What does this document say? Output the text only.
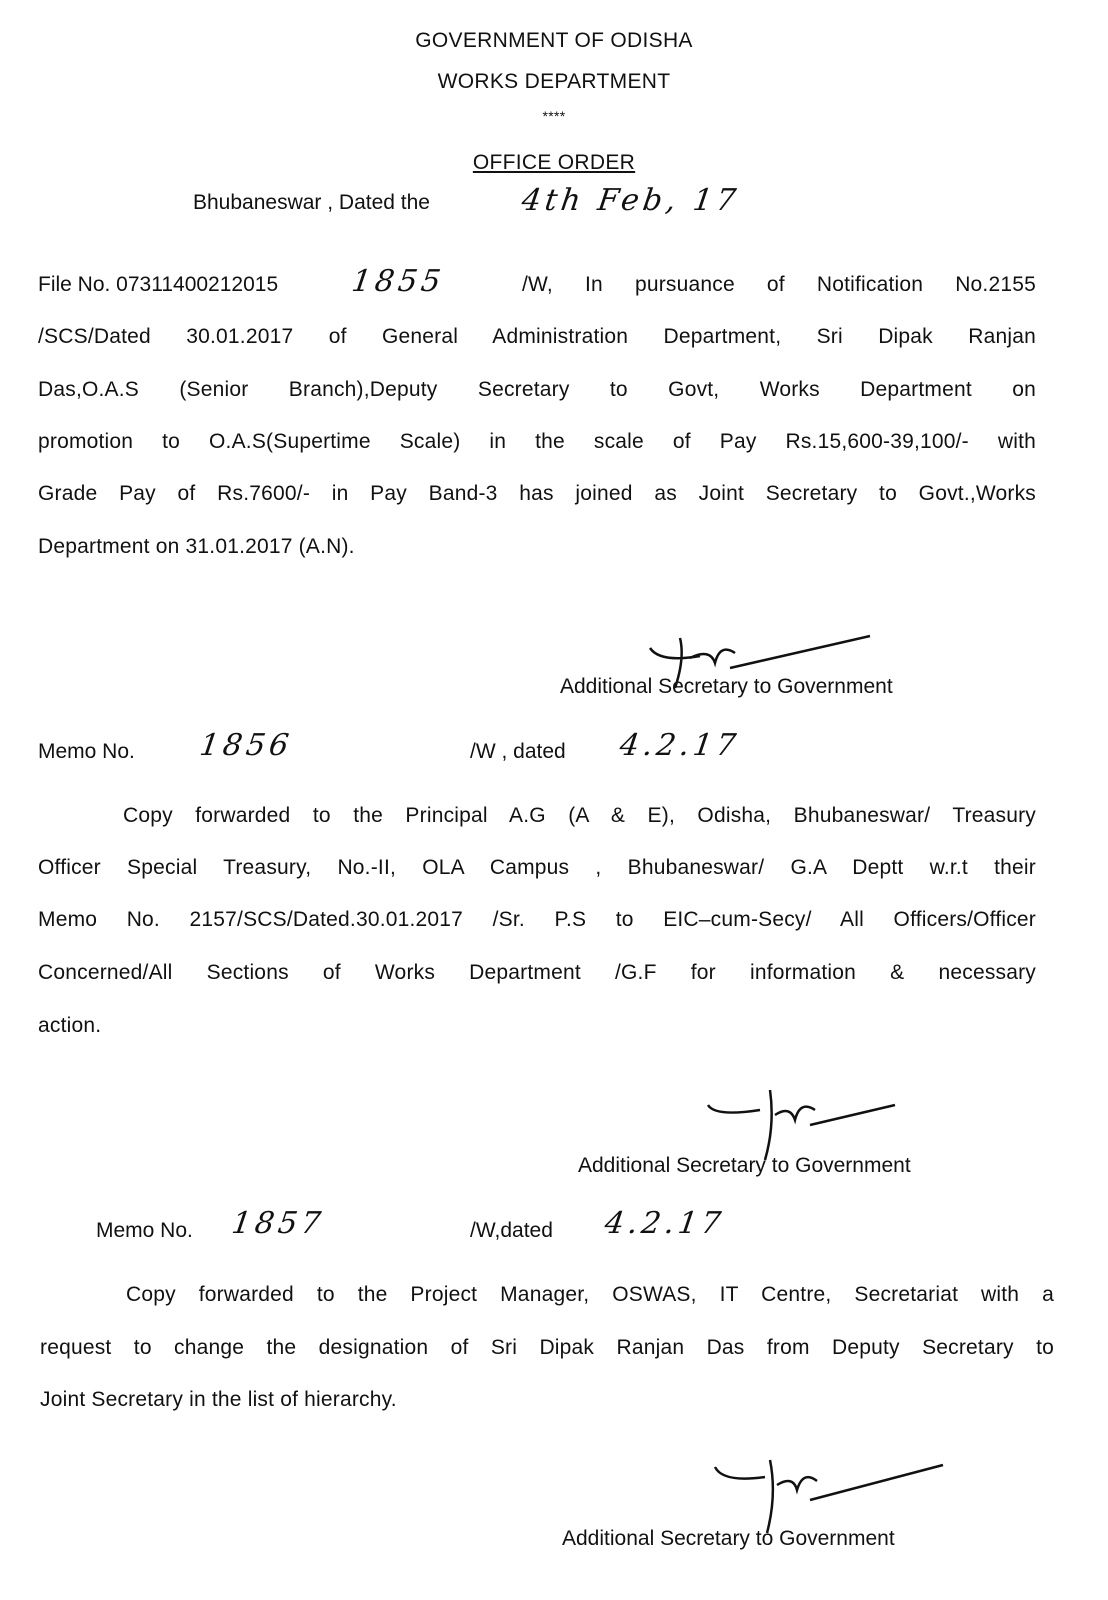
GOVERNMENT OF ODISHA
WORKS DEPARTMENT
****
OFFICE ORDER
Bhubaneswar , Dated the	4th Feb, 17
File No. 07311400212015 1855	/W, In pursuance of Notification No.2155
/SCS/Dated 30.01.2017 of General Administration Department, Sri Dipak Ranjan
Das,O.A.S (Senior Branch),Deputy Secretary to Govt, Works Department on
promotion to O.A.S(Supertime Scale) in the scale of Pay Rs.15,600-39,100/- with
Grade Pay of Rs.7600/- in Pay Band-3 has joined as Joint Secretary to Govt.,Works
Department on 31.01.2017 (A.N).
Additional Secretary to Government
Memo No. 1856	/W , dated 4.2.17
Copy forwarded to the Principal A.G (A & E), Odisha, Bhubaneswar/ Treasury
Officer Special Treasury, No.-II, OLA Campus , Bhubaneswar/ G.A Deptt w.r.t their
Memo No. 2157/SCS/Dated.30.01.2017 /Sr. P.S to EIC–cum-Secy/ All Officers/Officer
Concerned/All Sections of Works Department /G.F for information & necessary
action.
Additional Secretary to Government
Memo No. 1857	/W,dated 4.2.17
Copy forwarded to the Project Manager, OSWAS, IT Centre, Secretariat with a
request to change the designation of Sri Dipak Ranjan Das from Deputy Secretary to
Joint Secretary in the list of hierarchy.
Additional Secretary to Government
